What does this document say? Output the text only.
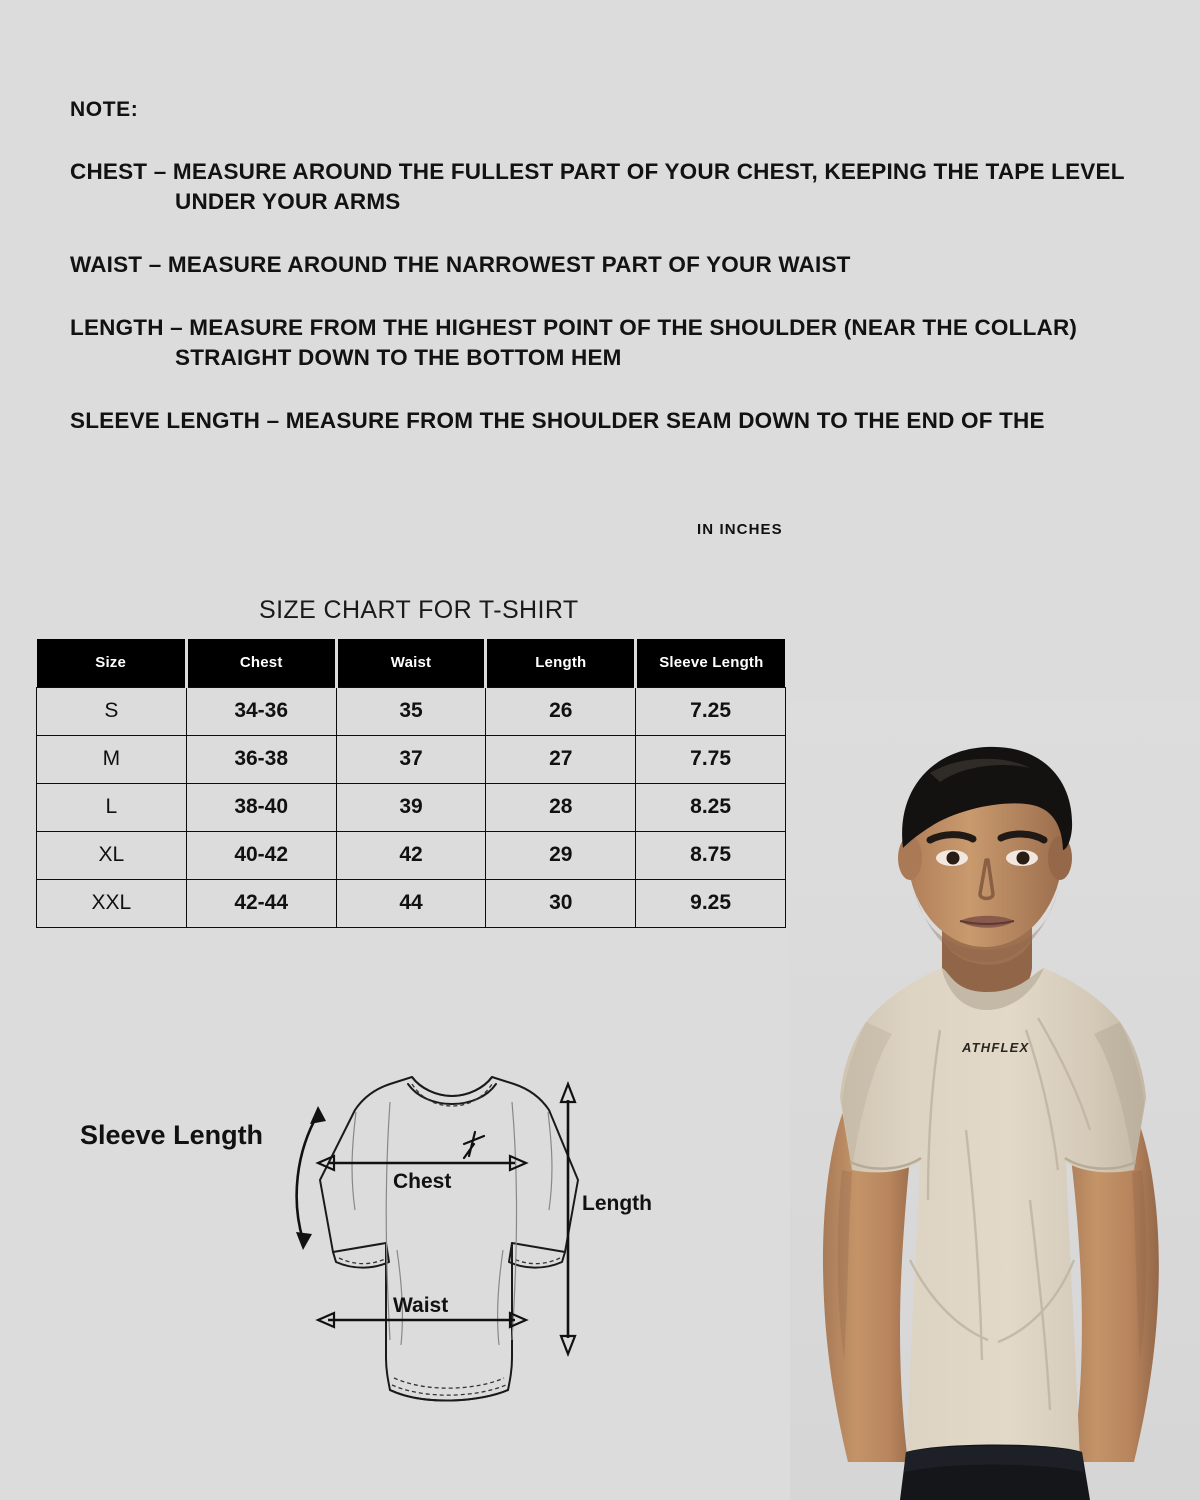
NOTE:
CHEST – MEASURE AROUND THE FULLEST PART OF YOUR CHEST, KEEPING THE TAPE LEVEL
UNDER YOUR ARMS
WAIST – MEASURE AROUND THE NARROWEST PART OF YOUR WAIST
LENGTH – MEASURE FROM THE HIGHEST POINT OF THE SHOULDER (NEAR THE COLLAR)
STRAIGHT DOWN TO THE BOTTOM HEM
SLEEVE LENGTH – MEASURE FROM THE SHOULDER SEAM DOWN TO THE END OF THE
IN INCHES
SIZE CHART FOR T-SHIRT
Size	Chest	Waist	Length	Sleeve Length
S	34-36	35	26	7.25
M	36-38	37	27	7.75
L	38-40	39	28	8.25
XL	40-42	42	29	8.75
XXL	42-44	44	30	9.25
Sleeve Length
Chest
Waist
Length
ATHFLEX
